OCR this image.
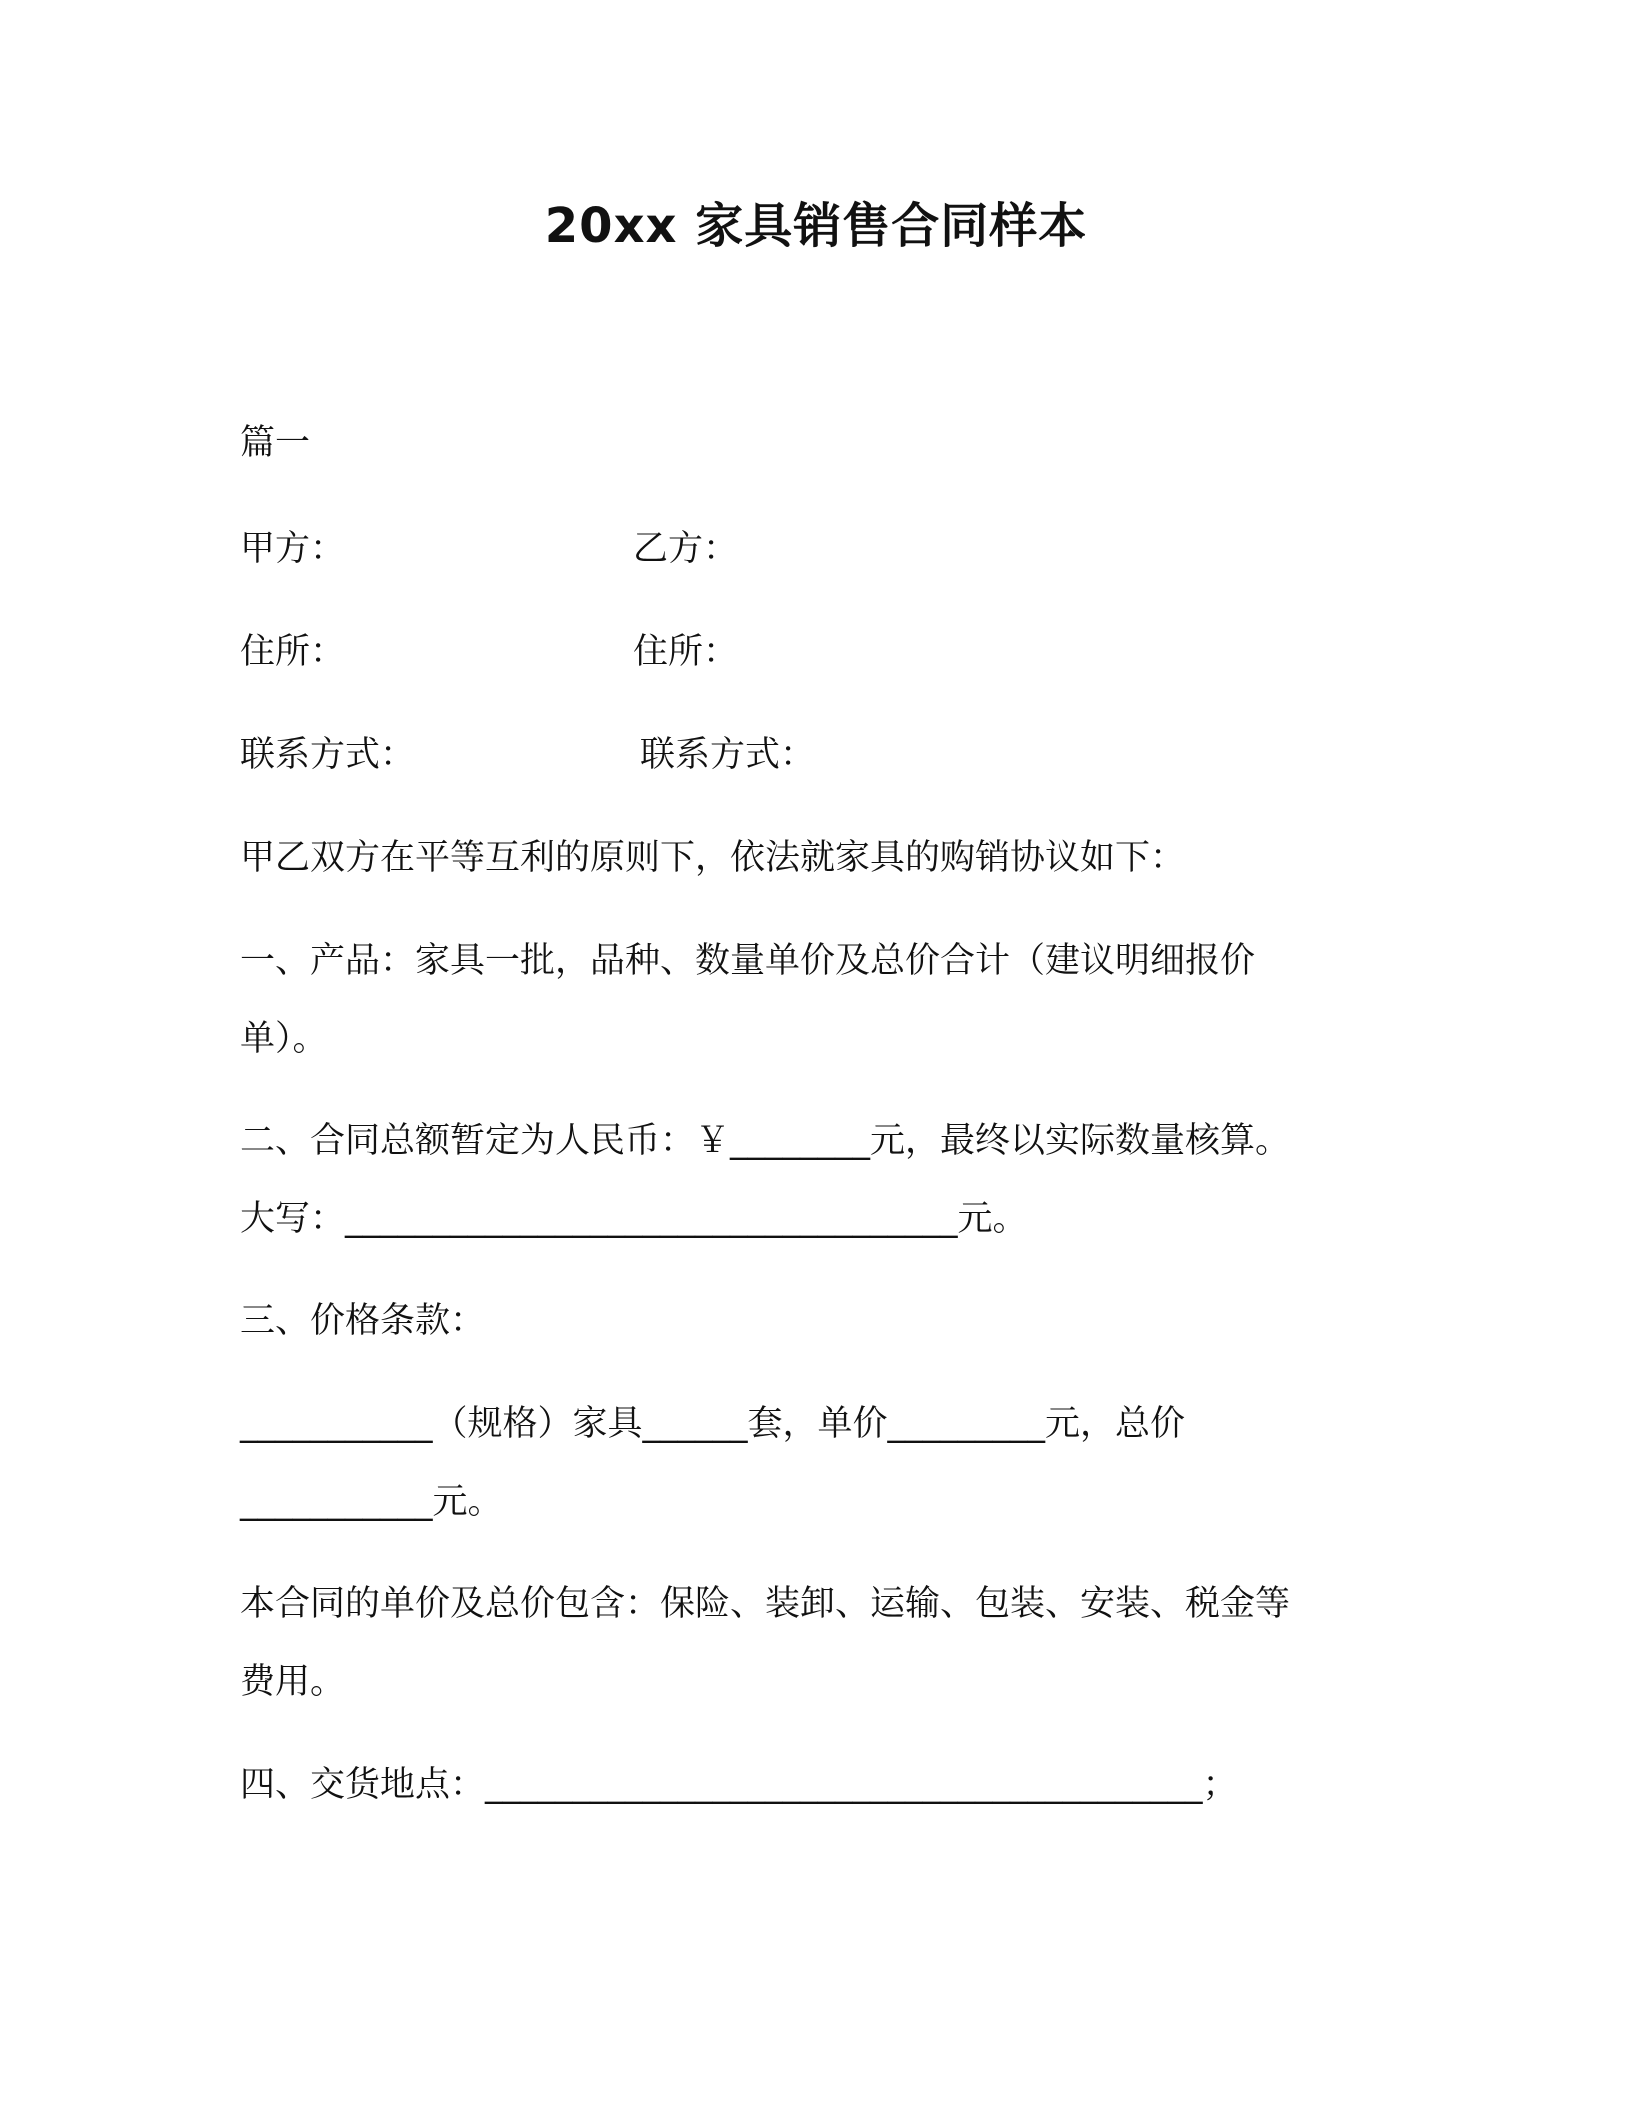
20xx 家具销售合同样本
篇一
甲方：	乙方：
住所：	住所：
联系方式：	联系方式：
甲乙双方在平等互利的原则下，依法就家具的购销协议如下：
一、产品：家具一批，品种、数量单价及总价合计（建议明细报价
单）。
二、合同总额暂定为人民币：￥________元，最终以实际数量核算。
大写：___________________________________元。
三、价格条款：
___________（规格）家具______套，单价_________元，总价
___________元。
本合同的单价及总价包含：保险、装卸、运输、包装、安装、税金等
费用。
四、交货地点：_________________________________________；
